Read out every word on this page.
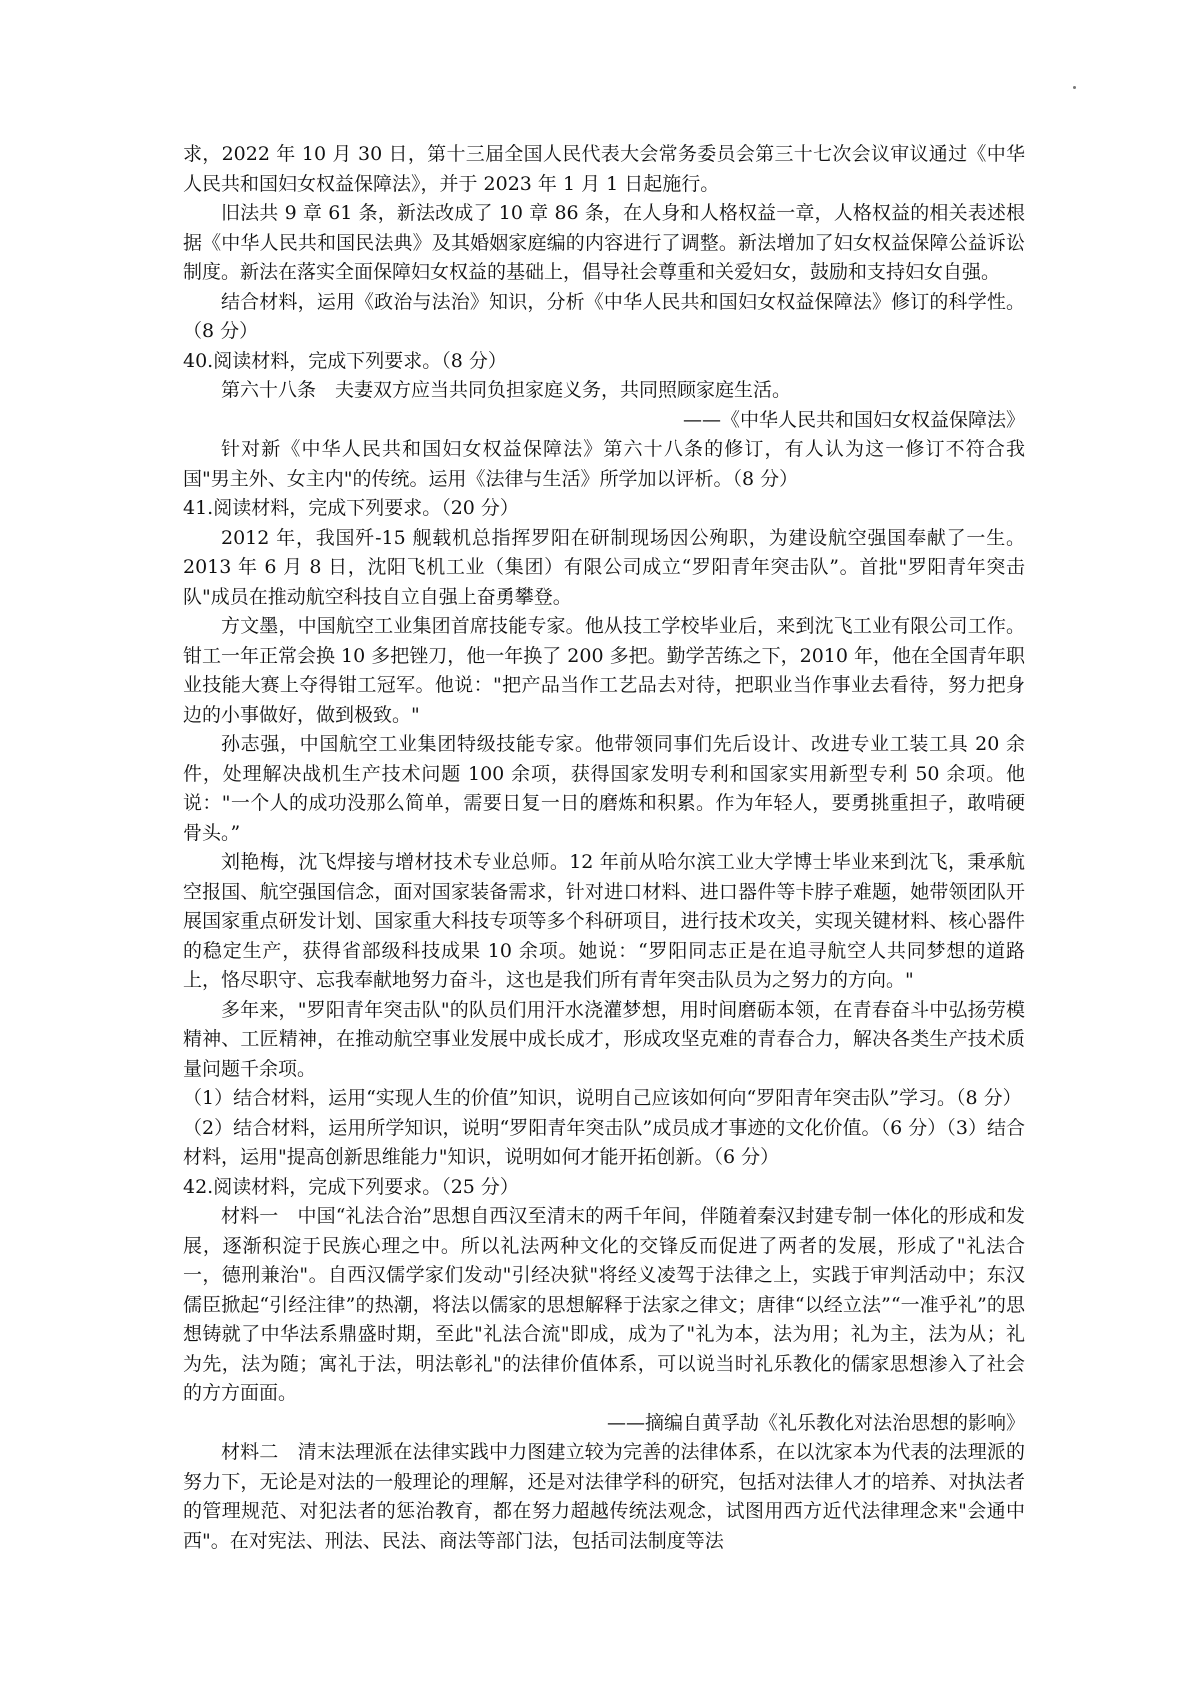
求，2022 年 10 月 30 日，第十三届全国人民代表大会常务委员会第三十七次会议审议通过《中华人民共和国妇女权益保障法》，并于 2023 年 1 月 1 日起施行。

旧法共 9 章 61 条，新法改成了 10 章 86 条，在人身和人格权益一章，人格权益的相关表述根据《中华人民共和国民法典》及其婚姻家庭编的内容进行了调整。新法增加了妇女权益保障公益诉讼制度。新法在落实全面保障妇女权益的基础上，倡导社会尊重和关爱妇女，鼓励和支持妇女自强。

结合材料，运用《政治与法治》知识，分析《中华人民共和国妇女权益保障法》修订的科学性。（8 分）

40.阅读材料，完成下列要求。（8 分）

第六十八条　夫妻双方应当共同负担家庭义务，共同照顾家庭生活。

——《中华人民共和国妇女权益保障法》

针对新《中华人民共和国妇女权益保障法》第六十八条的修订，有人认为这一修订不符合我国"男主外、女主内"的传统。运用《法律与生活》所学加以评析。（8 分）

41.阅读材料，完成下列要求。（20 分）

2012 年，我国歼-15 舰载机总指挥罗阳在研制现场因公殉职，为建设航空强国奉献了一生。2013 年 6 月 8 日，沈阳飞机工业（集团）有限公司成立“罗阳青年突击队”。首批"罗阳青年突击队"成员在推动航空科技自立自强上奋勇攀登。

方文墨，中国航空工业集团首席技能专家。他从技工学校毕业后，来到沈飞工业有限公司工作。钳工一年正常会换 10 多把锉刀，他一年换了 200 多把。勤学苦练之下，2010 年，他在全国青年职业技能大赛上夺得钳工冠军。他说："把产品当作工艺品去对待，把职业当作事业去看待，努力把身边的小事做好，做到极致。"

孙志强，中国航空工业集团特级技能专家。他带领同事们先后设计、改进专业工装工具 20 余件，处理解决战机生产技术问题 100 余项，获得国家发明专利和国家实用新型专利 50 余项。他说："一个人的成功没那么简单，需要日复一日的磨炼和积累。作为年轻人，要勇挑重担子，敢啃硬骨头。”

刘艳梅，沈飞焊接与增材技术专业总师。12 年前从哈尔滨工业大学博士毕业来到沈飞，秉承航空报国、航空强国信念，面对国家装备需求，针对进口材料、进口器件等卡脖子难题，她带领团队开展国家重点研发计划、国家重大科技专项等多个科研项目，进行技术攻关，实现关键材料、核心器件的稳定生产，获得省部级科技成果 10 余项。她说：“罗阳同志正是在追寻航空人共同梦想的道路上，恪尽职守、忘我奉献地努力奋斗，这也是我们所有青年突击队员为之努力的方向。"

多年来，"罗阳青年突击队"的队员们用汗水浇灌梦想，用时间磨砺本领，在青春奋斗中弘扬劳模精神、工匠精神，在推动航空事业发展中成长成才，形成攻坚克难的青春合力，解决各类生产技术质量问题千余项。

（1）结合材料，运用“实现人生的价值”知识，说明自己应该如何向“罗阳青年突击队”学习。（8 分）

（2）结合材料，运用所学知识，说明“罗阳青年突击队”成员成才事迹的文化价值。（6 分）（3）结合材料，运用"提高创新思维能力"知识，说明如何才能开拓创新。（6 分）

42.阅读材料，完成下列要求。（25 分）

材料一　中国“礼法合治”思想自西汉至清末的两千年间，伴随着秦汉封建专制一体化的形成和发展，逐渐积淀于民族心理之中。所以礼法两种文化的交锋反而促进了两者的发展，形成了"礼法合一，德刑兼治"。自西汉儒学家们发动"引经决狱"将经义凌驾于法律之上，实践于审判活动中；东汉儒臣掀起“引经注律”的热潮，将法以儒家的思想解释于法家之律文；唐律“以经立法”“一准乎礼”的思想铸就了中华法系鼎盛时期，至此"礼法合流"即成，成为了"礼为本，法为用；礼为主，法为从；礼为先，法为随；寓礼于法，明法彰礼"的法律价值体系，可以说当时礼乐教化的儒家思想渗入了社会的方方面面。

——摘编自黄孚劼《礼乐教化对法治思想的影响》

材料二　清末法理派在法律实践中力图建立较为完善的法律体系，在以沈家本为代表的法理派的努力下，无论是对法的一般理论的理解，还是对法律学科的研究，包括对法律人才的培养、对执法者的管理规范、对犯法者的惩治教育，都在努力超越传统法观念，试图用西方近代法律理念来"会通中西"。在对宪法、刑法、民法、商法等部门法，包括司法制度等法
